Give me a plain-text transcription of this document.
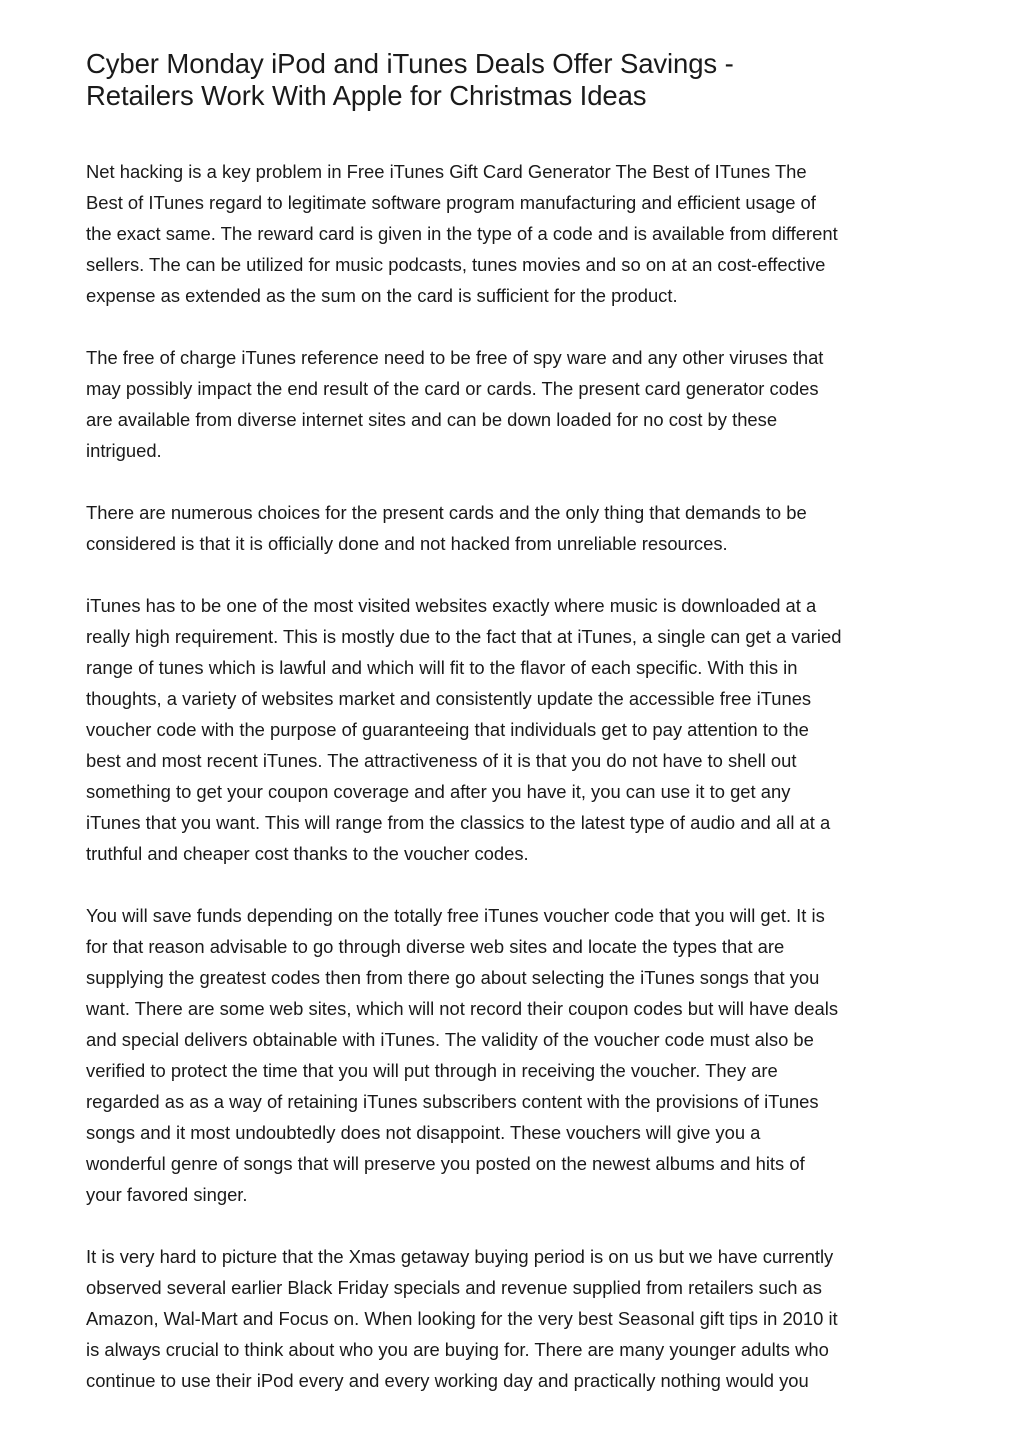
Cyber Monday iPod and iTunes Deals Offer Savings -
Retailers Work With Apple for Christmas Ideas

Net hacking is a key problem in Free iTunes Gift Card Generator The Best of ITunes The
Best of ITunes regard to legitimate software program manufacturing and efficient usage of
the exact same. The reward card is given in the type of a code and is available from different
sellers. The can be utilized for music podcasts, tunes movies and so on at an cost-effective
expense as extended as the sum on the card is sufficient for the product.

The free of charge iTunes reference need to be free of spy ware and any other viruses that
may possibly impact the end result of the card or cards. The present card generator codes
are available from diverse internet sites and can be down loaded for no cost by these
intrigued.

There are numerous choices for the present cards and the only thing that demands to be
considered is that it is officially done and not hacked from unreliable resources.

iTunes has to be one of the most visited websites exactly where music is downloaded at a
really high requirement. This is mostly due to the fact that at iTunes, a single can get a varied
range of tunes which is lawful and which will fit to the flavor of each specific. With this in
thoughts, a variety of websites market and consistently update the accessible free iTunes
voucher code with the purpose of guaranteeing that individuals get to pay attention to the
best and most recent iTunes. The attractiveness of it is that you do not have to shell out
something to get your coupon coverage and after you have it, you can use it to get any
iTunes that you want. This will range from the classics to the latest type of audio and all at a
truthful and cheaper cost thanks to the voucher codes.

You will save funds depending on the totally free iTunes voucher code that you will get. It is
for that reason advisable to go through diverse web sites and locate the types that are
supplying the greatest codes then from there go about selecting the iTunes songs that you
want. There are some web sites, which will not record their coupon codes but will have deals
and special delivers obtainable with iTunes. The validity of the voucher code must also be
verified to protect the time that you will put through in receiving the voucher. They are
regarded as as a way of retaining iTunes subscribers content with the provisions of iTunes
songs and it most undoubtedly does not disappoint. These vouchers will give you a
wonderful genre of songs that will preserve you posted on the newest albums and hits of
your favored singer.

It is very hard to picture that the Xmas getaway buying period is on us but we have currently
observed several earlier Black Friday specials and revenue supplied from retailers such as
Amazon, Wal-Mart and Focus on. When looking for the very best Seasonal gift tips in 2010 it
is always crucial to think about who you are buying for. There are many younger adults who
continue to use their iPod every and every working day and practically nothing would you
